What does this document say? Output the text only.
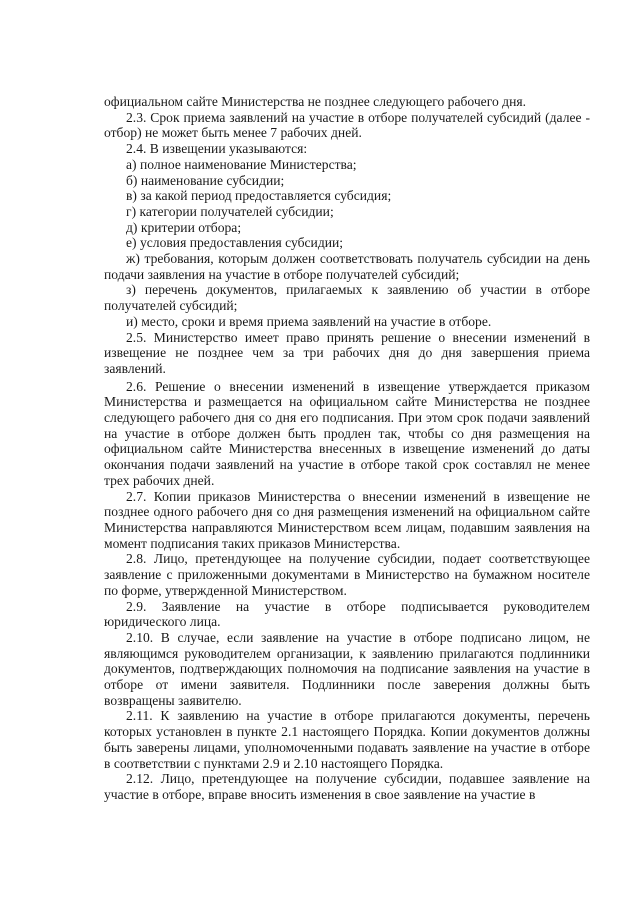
официальном сайте Министерства не позднее следующего рабочего дня.

2.3. Срок приема заявлений на участие в отборе получателей субсидий (далее - отбор) не может быть менее 7 рабочих дней.

2.4. В извещении указываются:

а) полное наименование Министерства;

б) наименование субсидии;

в) за какой период предоставляется субсидия;

г) категории получателей субсидии;

д) критерии отбора;

е) условия предоставления субсидии;

ж) требования, которым должен соответствовать получатель субсидии на день подачи заявления на участие в отборе получателей субсидий;

з) перечень документов, прилагаемых к заявлению об участии в отборе получателей субсидий;

и) место, сроки и время приема заявлений на участие в отборе.

2.5. Министерство имеет право принять решение о внесении изменений в извещение не позднее чем за три рабочих дня до дня завершения приема заявлений.

2.6. Решение о внесении изменений в извещение утверждается приказом Министерства и размещается на официальном сайте Министерства не позднее следующего рабочего дня со дня его подписания. При этом срок подачи заявлений на участие в отборе должен быть продлен так, чтобы со дня размещения на официальном сайте Министерства внесенных в извещение изменений до даты окончания подачи заявлений на участие в отборе такой срок составлял не менее трех рабочих дней.

2.7. Копии приказов Министерства о внесении изменений в извещение не позднее одного рабочего дня со дня размещения изменений на официальном сайте Министерства направляются Министерством всем лицам, подавшим заявления на момент подписания таких приказов Министерства.

2.8. Лицо, претендующее на получение субсидии, подает соответствующее заявление с приложенными документами в Министерство на бумажном носителе по форме, утвержденной Министерством.

2.9. Заявление на участие в отборе подписывается руководителем юридического лица.

2.10. В случае, если заявление на участие в отборе подписано лицом, не являющимся руководителем организации, к заявлению прилагаются подлинники документов, подтверждающих полномочия на подписание заявления на участие в отборе от имени заявителя. Подлинники после заверения должны быть возвращены заявителю.

2.11. К заявлению на участие в отборе прилагаются документы, перечень которых установлен в пункте 2.1 настоящего Порядка. Копии документов должны быть заверены лицами, уполномоченными подавать заявление на участие в отборе в соответствии с пунктами 2.9 и 2.10 настоящего Порядка.

2.12. Лицо, претендующее на получение субсидии, подавшее заявление на участие в отборе, вправе вносить изменения в свое заявление на участие в
